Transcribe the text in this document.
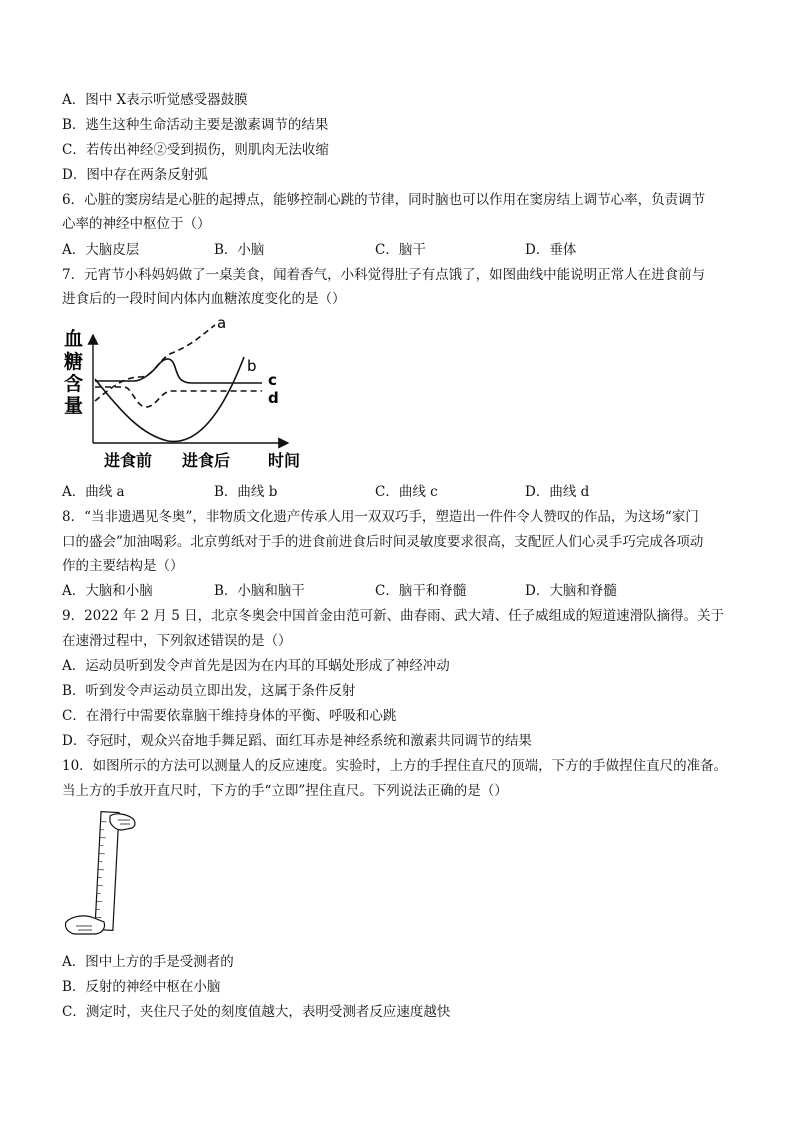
A．图中 X表示听觉感受器鼓膜
B．逃生这种生命活动主要是激素调节的结果
C．若传出神经②受到损伤，则肌肉无法收缩
D．图中存在两条反射弧
6．心脏的窦房结是心脏的起搏点，能够控制心跳的节律，同时脑也可以作用在窦房结上调节心率，负责调节
心率的神经中枢位于（）
A．大脑皮层	B．小脑	C．脑干	D．垂体
7．元宵节小科妈妈做了一桌美食，闻着香气，小科觉得肚子有点饿了，如图曲线中能说明正常人在进食前与
进食后的一段时间内体内血糖浓度变化的是（）
血
糖
含
量
a
b
c
d
进食前 进食后 时间
A．曲线 a	B．曲线 b	C．曲线 c	D．曲线 d
8．“当非遗遇见冬奥”，非物质文化遗产传承人用一双双巧手，塑造出一件件令人赞叹的作品，为这场“家门
口的盛会”加油喝彩。北京剪纸对于手的进食前进食后时间灵敏度要求很高，支配匠人们心灵手巧完成各项动
作的主要结构是（）
A．大脑和小脑	B．小脑和脑干	C．脑干和脊髓	D．大脑和脊髓
9．2022 年 2 月 5 日，北京冬奥会中国首金由范可新、曲春雨、武大靖、任子威组成的短道速滑队摘得。关于
在速滑过程中，下列叙述错误的是（）
A．运动员听到发令声首先是因为在内耳的耳蜗处形成了神经冲动
B．听到发令声运动员立即出发，这属于条件反射
C．在滑行中需要依靠脑干维持身体的平衡、呼吸和心跳
D．夺冠时，观众兴奋地手舞足蹈、面红耳赤是神经系统和激素共同调节的结果
10．如图所示的方法可以测量人的反应速度。实验时，上方的手捏住直尺的顶端，下方的手做捏住直尺的准备。
当上方的手放开直尺时，下方的手“立即”捏住直尺。下列说法正确的是（）
A．图中上方的手是受测者的
B．反射的神经中枢在小脑
C．测定时，夹住尺子处的刻度值越大，表明受测者反应速度越快
